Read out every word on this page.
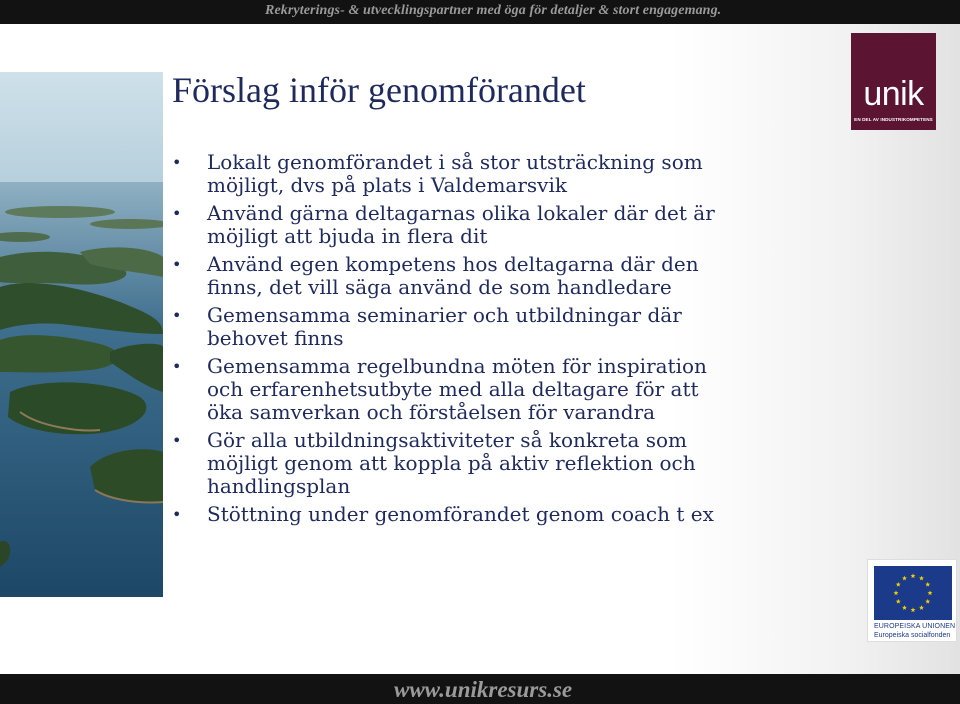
Rekryterings- & utvecklingspartner med öga för detaljer & stort engagemang.
unik
EN DEL AV INDUSTRIKOMPETENS
Förslag inför genomförandet
• Lokalt genomförandet i så stor utsträckning som
möjligt, dvs på plats i Valdemarsvik
• Använd gärna deltagarnas olika lokaler där det är
möjligt att bjuda in flera dit
• Använd egen kompetens hos deltagarna där den
finns, det vill säga använd de som handledare
• Gemensamma seminarier och utbildningar där
behovet finns
• Gemensamma regelbundna möten för inspiration
och erfarenhetsutbyte med alla deltagare för att
öka samverkan och förståelsen för varandra
• Gör alla utbildningsaktiviteter så konkreta som
möjligt genom att koppla på aktiv reflektion och
handlingsplan
• Stöttning under genomförandet genom coach t ex
EUROPEISKA UNIONEN
Europeiska socialfonden
www.unikresurs.se
